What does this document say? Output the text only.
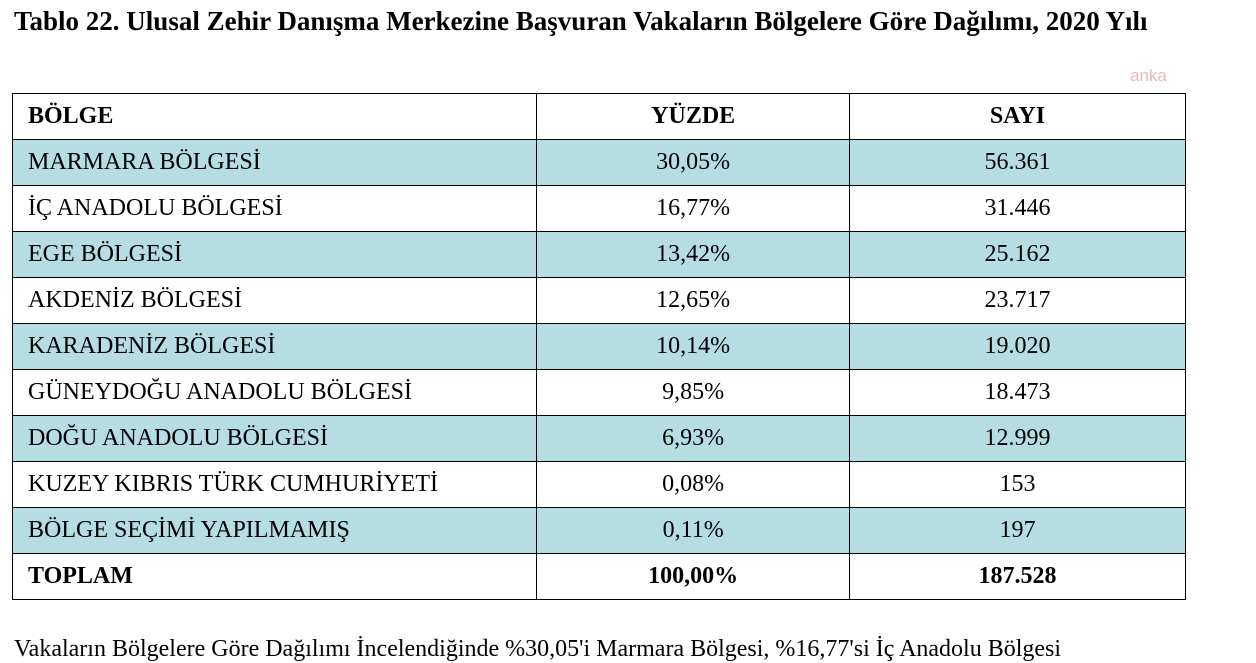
Tablo 22. Ulusal Zehir Danışma Merkezine Başvuran Vakaların Bölgelere Göre Dağılımı, 2020 Yılı
anka
BÖLGE	YÜZDE	SAYI
MARMARA BÖLGESİ	30,05%	56.361
İÇ ANADOLU BÖLGESİ	16,77%	31.446
EGE BÖLGESİ	13,42%	25.162
AKDENİZ BÖLGESİ	12,65%	23.717
KARADENİZ BÖLGESİ	10,14%	19.020
GÜNEYDOĞU ANADOLU BÖLGESİ	9,85%	18.473
DOĞU ANADOLU BÖLGESİ	6,93%	12.999
KUZEY KIBRIS TÜRK CUMHURİYETİ	0,08%	153
BÖLGE SEÇİMİ YAPILMAMIŞ	0,11%	197
TOPLAM	100,00%	187.528
Vakaların Bölgelere Göre Dağılımı İncelendiğinde %30,05'i Marmara Bölgesi, %16,77'si İç Anadolu Bölgesi
